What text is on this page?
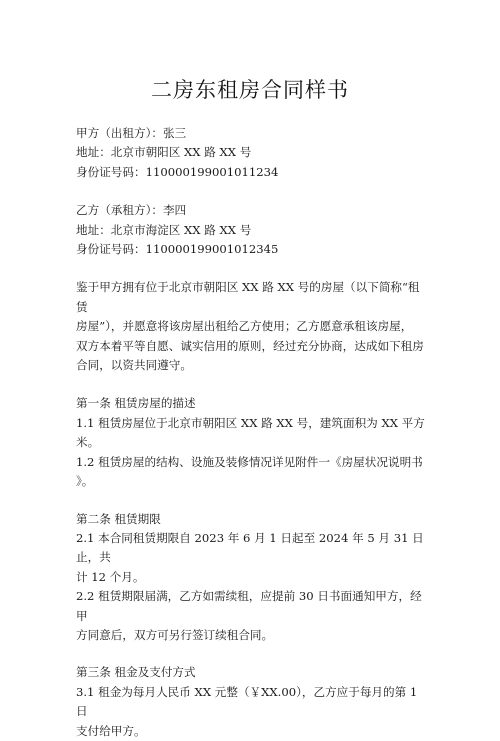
二房东租房合同样书

甲方（出租方）：张三

地址：北京市朝阳区 XX 路 XX 号

身份证号码：110000199001011234

乙方（承租方）：李四

地址：北京市海淀区 XX 路 XX 号

身份证号码：110000199001012345

鉴于甲方拥有位于北京市朝阳区 XX 路 XX 号的房屋（以下简称“租赁

房屋”），并愿意将该房屋出租给乙方使用；乙方愿意承租该房屋，

双方本着平等自愿、诚实信用的原则，经过充分协商，达成如下租房

合同，以资共同遵守。

第一条 租赁房屋的描述

1.1 租赁房屋位于北京市朝阳区 XX 路 XX 号，建筑面积为 XX 平方米。

1.2 租赁房屋的结构、设施及装修情况详见附件一《房屋状况说明书

》。

第二条 租赁期限

2.1 本合同租赁期限自 2023 年 6 月 1 日起至 2024 年 5 月 31 日止，共

计 12 个月。

2.2 租赁期限届满，乙方如需续租，应提前 30 日书面通知甲方，经甲

方同意后，双方可另行签订续租合同。

第三条 租金及支付方式

3.1 租金为每月人民币 XX 元整（￥XX.00），乙方应于每月的第 1 日

支付给甲方。
